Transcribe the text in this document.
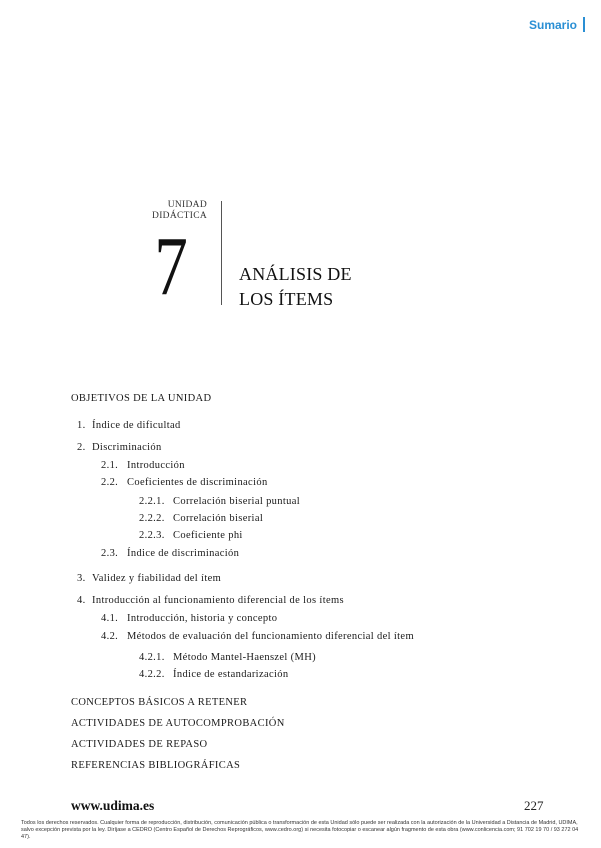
Sumario
UNIDAD
DIDÁCTICA
7	ANÁLISIS DE
LOS ÍTEMS
OBJETIVOS DE LA UNIDAD
1. Índice de dificultad
2. Discriminación
2.1. Introducción
2.2. Coeficientes de discriminación
2.2.1. Correlación biserial puntual
2.2.2. Correlación biserial
2.2.3. Coeficiente phi
2.3. Índice de discriminación
3. Validez y fiabilidad del ítem
4. Introducción al funcionamiento diferencial de los ítems
4.1. Introducción, historia y concepto
4.2. Métodos de evaluación del funcionamiento diferencial del ítem
4.2.1. Método Mantel-Haenszel (MH)
4.2.2. Índice de estandarización
CONCEPTOS BÁSICOS A RETENER
ACTIVIDADES DE AUTOCOMPROBACIÓN
ACTIVIDADES DE REPASO
REFERENCIAS BIBLIOGRÁFICAS
www.udima.es	227
Todos los derechos reservados. Cualquier forma de reproducción, distribución, comunicación pública o transformación de esta Unidad sólo puede ser realizada con la autorización de la Universidad a Distancia de Madrid, UDIMA, salvo excepción prevista por la ley. Diríjase a CEDRO (Centro Español de Derechos Reprográficos, www.cedro.org) si necesita fotocopiar o escanear algún fragmento de esta obra (www.conlicencia.com; 91 702 19 70 / 93 272 04 47).
